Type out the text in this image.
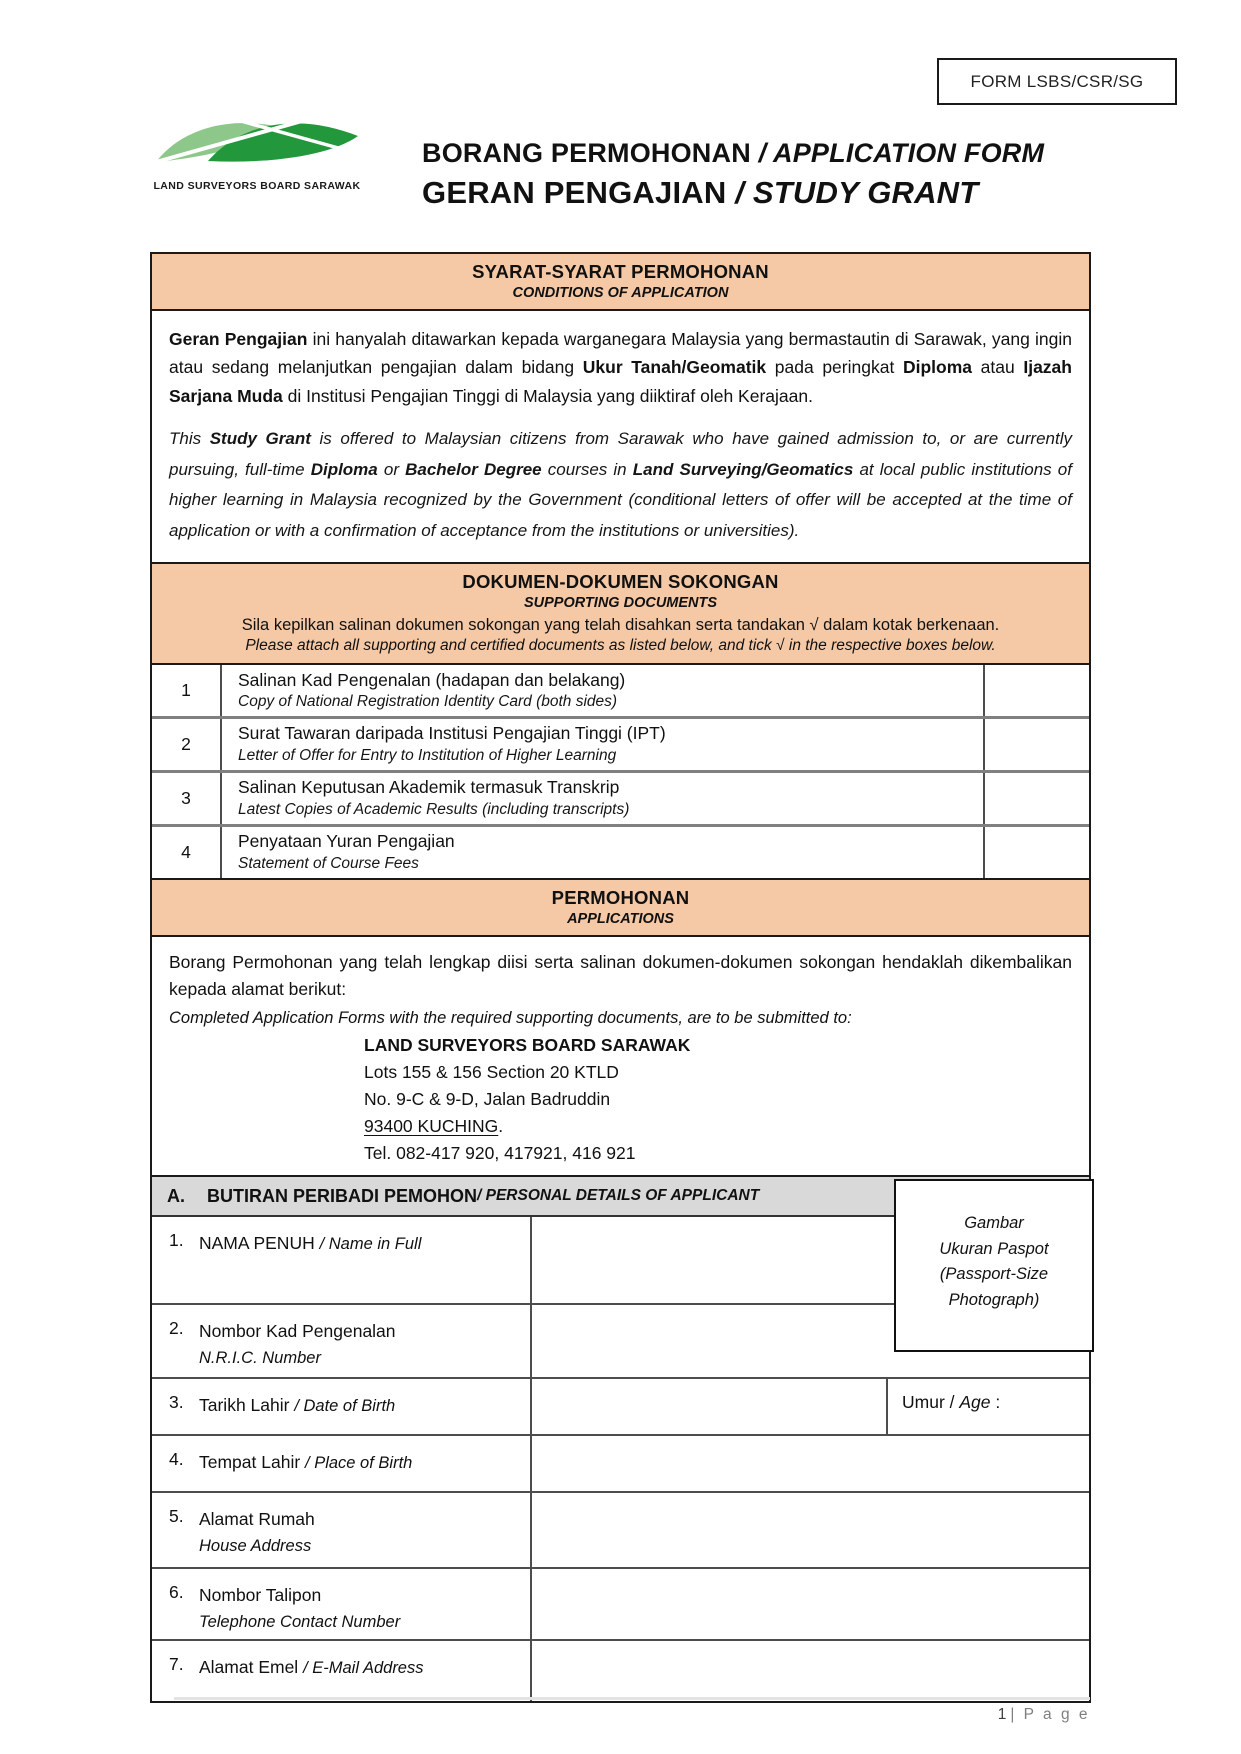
FORM LSBS/CSR/SG
LAND SURVEYORS BOARD SARAWAK
BORANG PERMOHONAN / APPLICATION FORM
GERAN PENGAJIAN / STUDY GRANT
SYARAT-SYARAT PERMOHONAN
CONDITIONS OF APPLICATION

Geran Pengajian ini hanyalah ditawarkan kepada warganegara Malaysia yang bermastautin di Sarawak, yang ingin atau sedang melanjutkan pengajian dalam bidang Ukur Tanah/Geomatik pada peringkat Diploma atau Ijazah Sarjana Muda di Institusi Pengajian Tinggi di Malaysia yang diiktiraf oleh Kerajaan.

This Study Grant is offered to Malaysian citizens from Sarawak who have gained admission to, or are currently pursuing, full-time Diploma or Bachelor Degree courses in Land Surveying/Geomatics at local public institutions of higher learning in Malaysia recognized by the Government (conditional letters of offer will be accepted at the time of application or with a confirmation of acceptance from the institutions or universities).

DOKUMEN-DOKUMEN SOKONGAN
SUPPORTING DOCUMENTS
Sila kepilkan salinan dokumen sokongan yang telah disahkan serta tandakan √ dalam kotak berkenaan.
Please attach all supporting and certified documents as listed below, and tick √ in the respective boxes below.
1
Salinan Kad Pengenalan (hadapan dan belakang)
Copy of National Registration Identity Card (both sides)
2
Surat Tawaran daripada Institusi Pengajian Tinggi (IPT)
Letter of Offer for Entry to Institution of Higher Learning
3
Salinan Keputusan Akademik termasuk Transkrip
Latest Copies of Academic Results (including transcripts)
4
Penyataan Yuran Pengajian
Statement of Course Fees
PERMOHONAN
APPLICATIONS

Borang Permohonan yang telah lengkap diisi serta salinan dokumen-dokumen sokongan hendaklah dikembalikan kepada alamat berikut:

Completed Application Forms with the required supporting documents, are to be submitted to:

LAND SURVEYORS BOARD SARAWAK
Lots 155 & 156 Section 20 KTLD
No. 9-C & 9-D, Jalan Badruddin
93400 KUCHING.
Tel. 082-417 920, 417921, 416 921
A. BUTIRAN PERIBADI PEMOHON / PERSONAL DETAILS OF APPLICANT
Gambar
Ukuran Paspot
(Passport-Size
Photograph)
1. NAMA PENUH / Name in Full
2. Nombor Kad Pengenalan
N.R.I.C. Number
3. Tarikh Lahir / Date of Birth	Umur / Age :
4. Tempat Lahir / Place of Birth
5. Alamat Rumah
House Address
6. Nombor Talipon
Telephone Contact Number
7. Alamat Emel / E-Mail Address
1 | P a g e
